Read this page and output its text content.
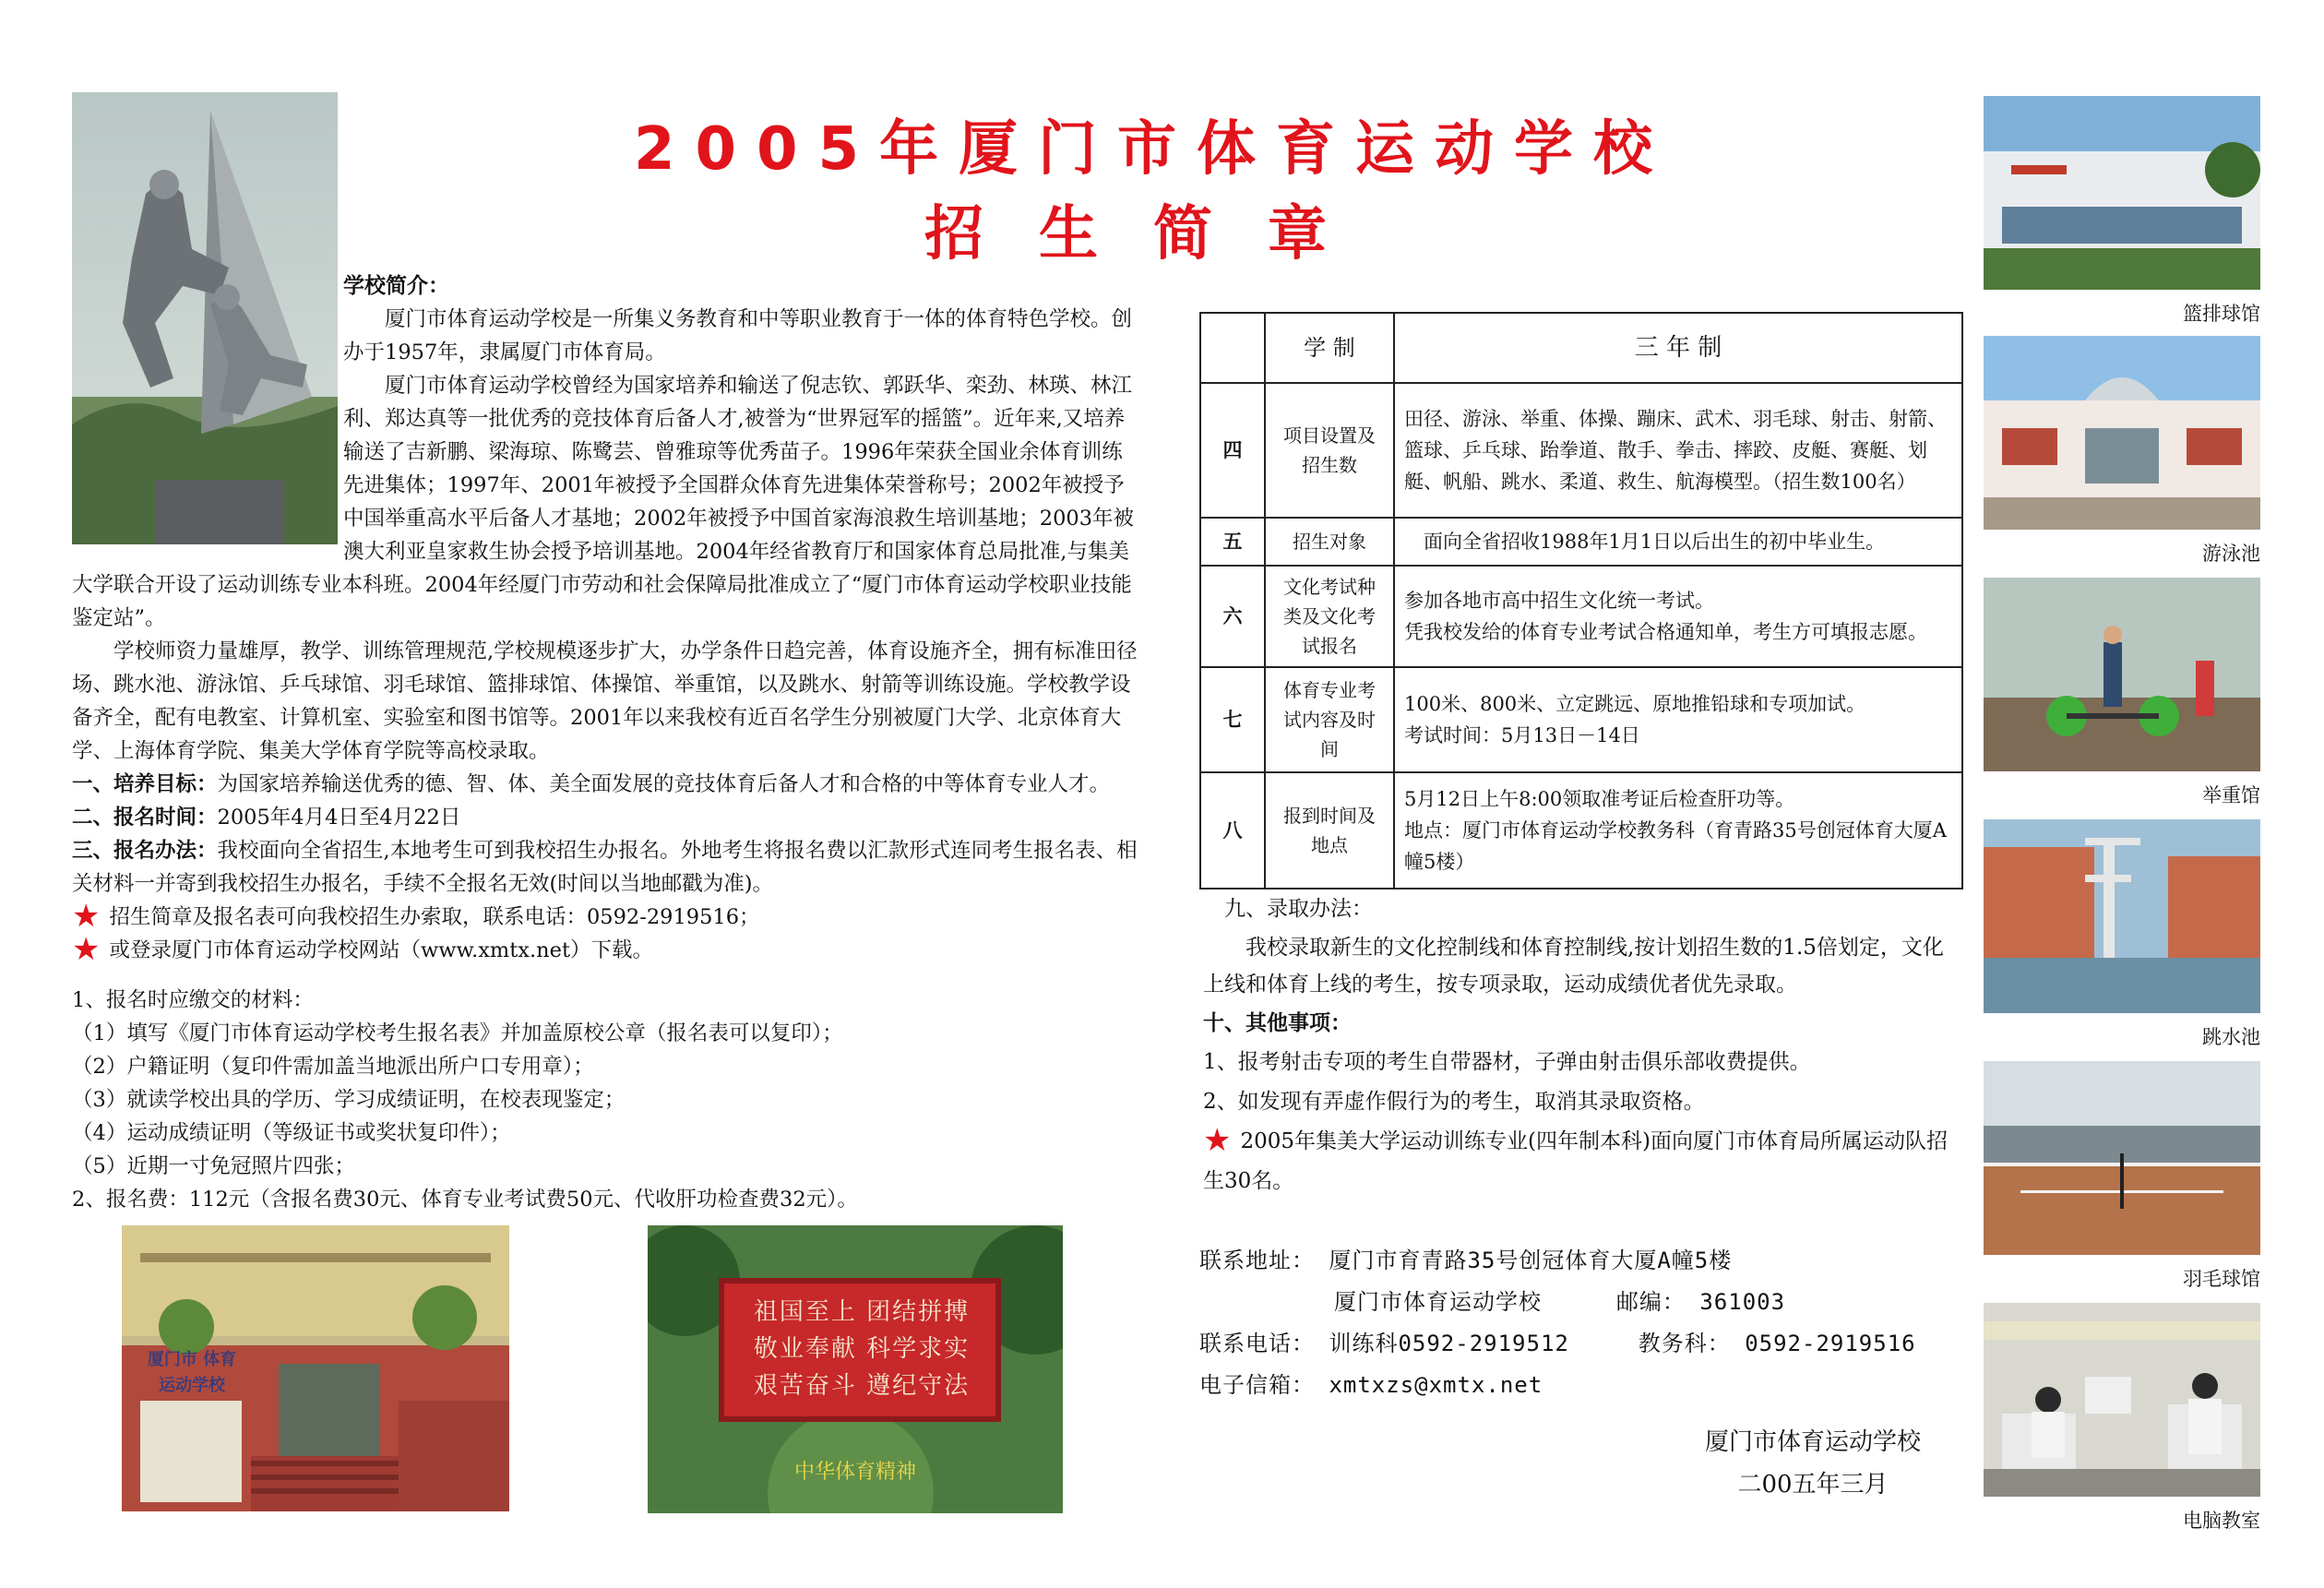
2005年厦门市体育运动学校
招生简章
学校简介：
厦门市体育运动学校是一所集义务教育和中等职业教育于一体的体育特色学校。创办于1957年，隶属厦门市体育局。
厦门市体育运动学校曾经为国家培养和输送了倪志钦、郭跃华、栾劲、林瑛、林江利、郑达真等一批优秀的竞技体育后备人才,被誉为“世界冠军的摇篮”。近年来,又培养输送了吉新鹏、梁海琼、陈鹭芸、曾雅琼等优秀苗子。1996年荣获全国业余体育训练先进集体；1997年、2001年被授予全国群众体育先进集体荣誉称号；2002年被授予中国举重高水平后备人才基地；2002年被授予中国首家海浪救生培训基地；2003年被澳大利亚皇家救生协会授予培训基地。2004年经省教育厅和国家体育总局批准,与集美大学联合开设了运动训练专业本科班。2004年经厦门市劳动和社会保障局批准成立了“厦门市体育运动学校职业技能鉴定站”。
学校师资力量雄厚，教学、训练管理规范,学校规模逐步扩大，办学条件日趋完善，体育设施齐全，拥有标准田径场、跳水池、游泳馆、乒乓球馆、羽毛球馆、篮排球馆、体操馆、举重馆，以及跳水、射箭等训练设施。学校教学设备齐全，配有电教室、计算机室、实验室和图书馆等。2001年以来我校有近百名学生分别被厦门大学、北京体育大学、上海体育学院、集美大学体育学院等高校录取。
一、培养目标：为国家培养输送优秀的德、智、体、美全面发展的竞技体育后备人才和合格的中等体育专业人才。
二、报名时间：2005年4月4日至4月22日
三、报名办法：我校面向全省招生,本地考生可到我校招生办报名。外地考生将报名费以汇款形式连同考生报名表、相关材料一并寄到我校招生办报名，手续不全报名无效(时间以当地邮戳为准)。
★ 招生简章及报名表可向我校招生办索取，联系电话：0592-2919516；
★ 或登录厦门市体育运动学校网站（www.xmtx.net）下载。
1、报名时应缴交的材料：
（1）填写《厦门市体育运动学校考生报名表》并加盖原校公章（报名表可以复印）；
（2）户籍证明（复印件需加盖当地派出所户口专用章）；
（3）就读学校出具的学历、学习成绩证明，在校表现鉴定；
（4）运动成绩证明（等级证书或奖状复印件）；
（5）近期一寸免冠照片四张；
2、报名费：112元（含报名费30元、体育专业考试费50元、代收肝功检查费32元）。
厦门市 体育运动学校
祖国至上 团结拼搏
敬业奉献 科学求实
艰苦奋斗 遵纪守法
中华体育精神
	学 制	三 年 制
四	项目设置及招生数	田径、游泳、举重、体操、蹦床、武术、羽毛球、射击、射箭、篮球、乒乓球、跆拳道、散手、拳击、摔跤、皮艇、赛艇、划艇、帆船、跳水、柔道、救生、航海模型。（招生数100名）
五	招生对象	面向全省招收1988年1月1日以后出生的初中毕业生。
六	文化考试种类及文化考试报名	参加各地市高中招生文化统一考试。
凭我校发给的体育专业考试合格通知单，考生方可填报志愿。

七	体育专业考试内容及时间	100米、800米、立定跳远、原地推铅球和专项加试。
考试时间：5月13日－14日

八	报到时间及地点	5月12日上午8:00领取准考证后检查肝功等。
地点：厦门市体育运动学校教务科（育青路35号创冠体育大厦A幢5楼）
九、录取办法：
我校录取新生的文化控制线和体育控制线,按计划招生数的1.5倍划定，文化上线和体育上线的考生，按专项录取，运动成绩优者优先录取。
十、其他事项：
1、报考射击专项的考生自带器材，子弹由射击俱乐部收费提供。
2、如发现有弄虚作假行为的考生，取消其录取资格。
★ 2005年集美大学运动训练专业(四年制本科)面向厦门市体育局所属运动队招生30名。
联系地址： 厦门市育青路35号创冠体育大厦A幢5楼
厦门市体育运动学校	邮编： 361003
联系电话： 训练科0592-2919512	教务科： 0592-2919516
电子信箱： xmtxzs@xmtx.net
厦门市体育运动学校
二00五年三月
篮排球馆
游泳池
举重馆
跳水池
羽毛球馆
电脑教室
